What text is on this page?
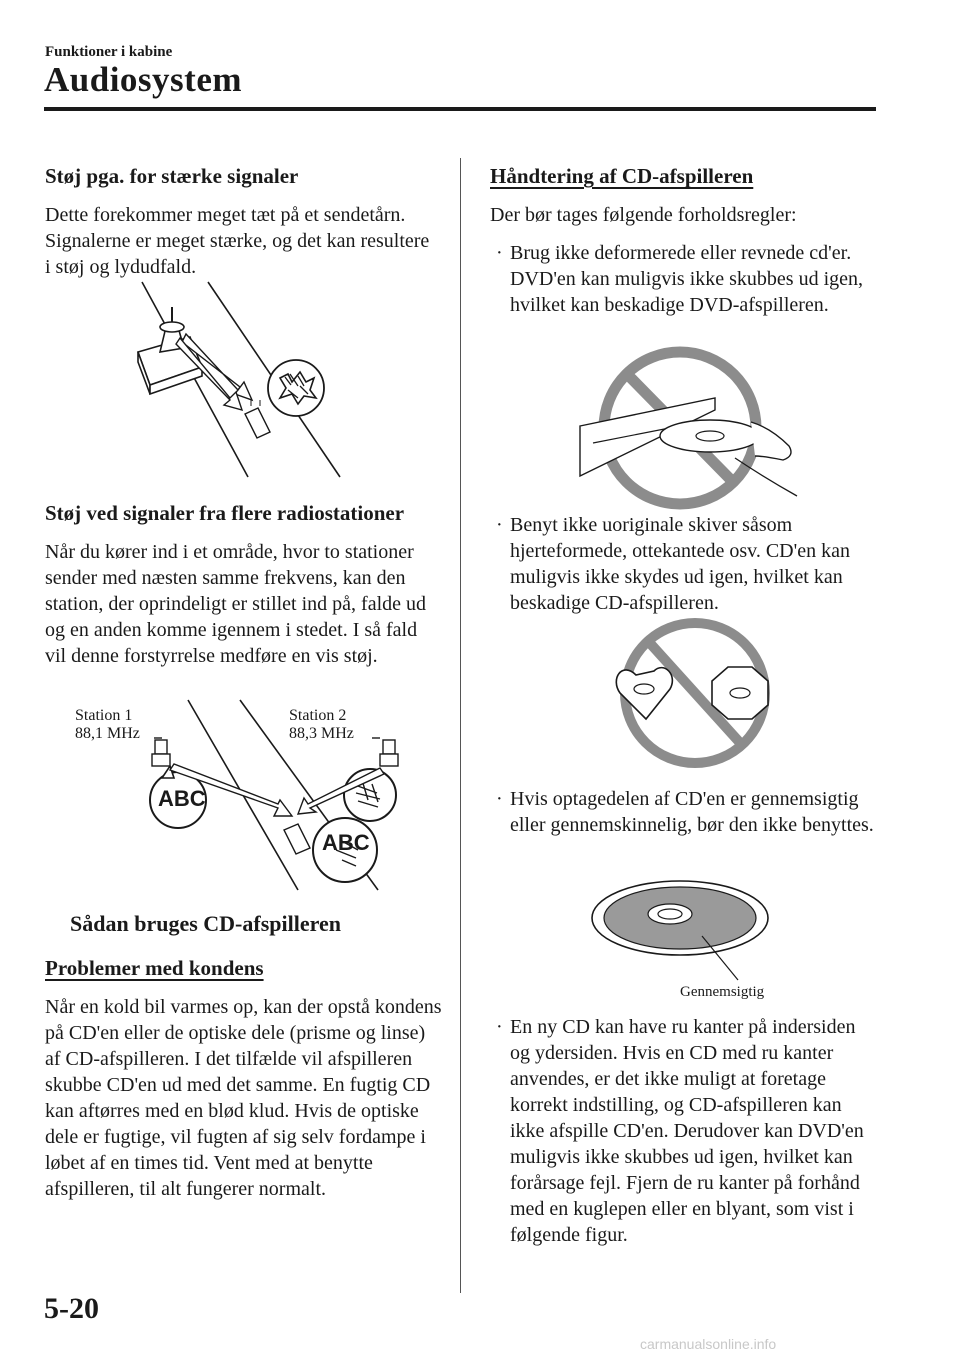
Funktioner i kabine
Audiosystem
Støj pga. for stærke signaler

Dette forekommer meget tæt på et sendetårn. Signalerne er meget stærke, og det kan resultere i støj og lydudfald.

Støj ved signaler fra flere radiostationer

Når du kører ind i et område, hvor to stationer sender med næsten samme frekvens, kan den station, der oprindeligt er stillet ind på, falde ud og en anden komme igennem i stedet. I så fald vil denne forstyrrelse medføre en vis støj.

Station 1
88,1 MHz
Station 2
88,3 MHz
ABC
ABC
Sådan bruges CD-afspilleren
Problemer med kondens

Når en kold bil varmes op, kan der opstå kondens på CD'en eller de optiske dele (prisme og linse) af CD-afspilleren. I det tilfælde vil afspilleren skubbe CD'en ud med det samme. En fugtig CD kan aftørres med en blød klud. Hvis de optiske dele er fugtige, vil fugten af sig selv fordampe i løbet af en times tid. Vent med at benytte afspilleren, til alt fungerer normalt.

Håndtering af CD-afspilleren

Der bør tages følgende forholdsregler:

· Brug ikke deformerede eller revnede cd'er. DVD'en kan muligvis ikke skubbes ud igen, hvilket kan beskadige DVD-afspilleren.

· Benyt ikke uoriginale skiver såsom hjerteformede, ottekantede osv. CD'en kan muligvis ikke skydes ud igen, hvilket kan beskadige CD-afspilleren.

· Hvis optagedelen af CD'en er gennemsigtig eller gennemskinnelig, bør den ikke benyttes.

Gennemsigtig
· En ny CD kan have ru kanter på indersiden og ydersiden. Hvis en CD med ru kanter anvendes, er det ikke muligt at foretage korrekt indstilling, og CD-afspilleren kan ikke afspille CD'en. Derudover kan DVD'en muligvis ikke skubbes ud igen, hvilket kan forårsage fejl. Fjern de ru kanter på forhånd med en kuglepen eller en blyant, som vist i følgende figur.

5-20
carmanualsonline.info
